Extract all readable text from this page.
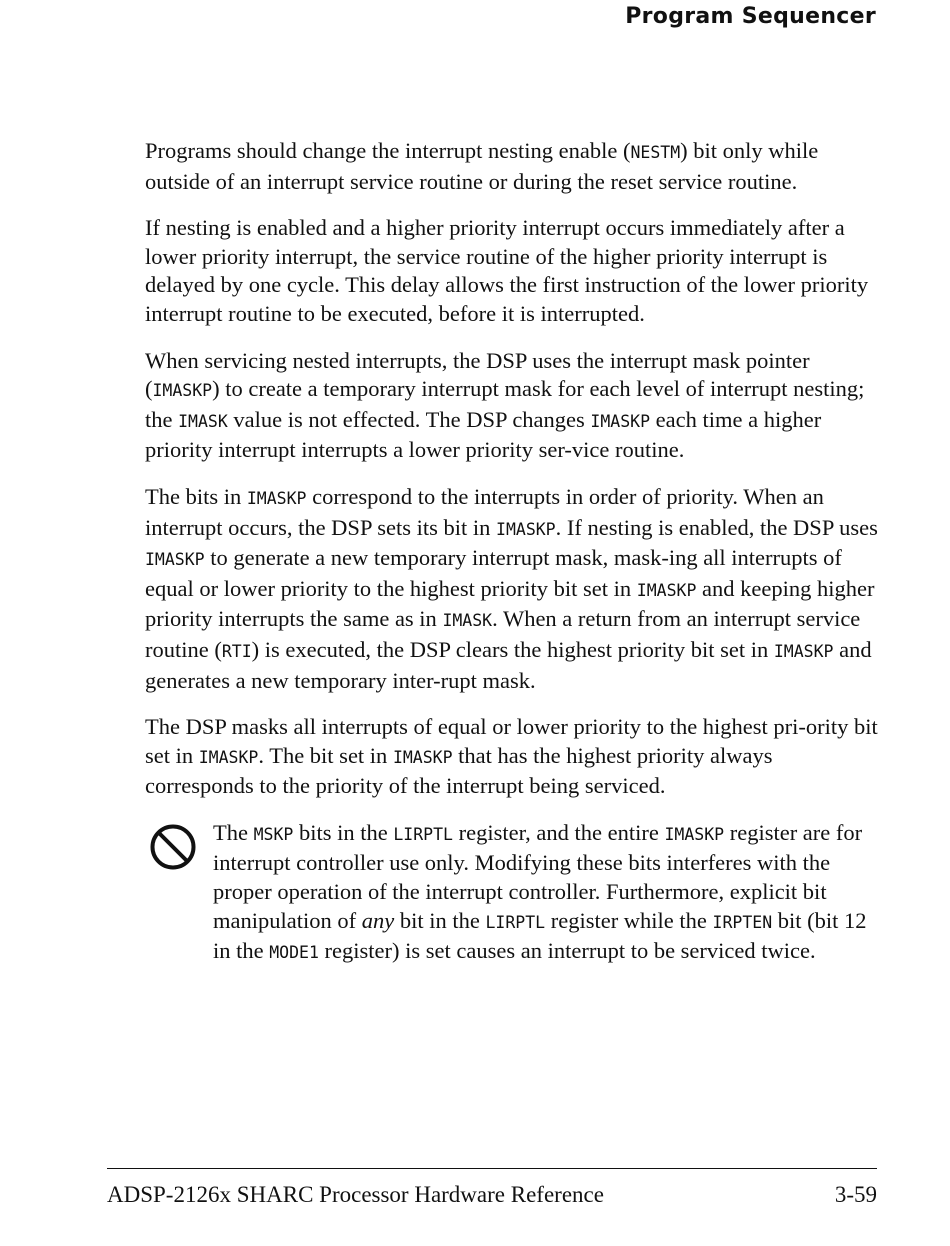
Program Sequencer

Programs should change the interrupt nesting enable (NESTM) bit only while outside of an interrupt service routine or during the reset service routine.

If nesting is enabled and a higher priority interrupt occurs immediately after a lower priority interrupt, the service routine of the higher priority interrupt is delayed by one cycle. This delay allows the first instruction of the lower priority interrupt routine to be executed, before it is interrupted.

When servicing nested interrupts, the DSP uses the interrupt mask pointer (IMASKP) to create a temporary interrupt mask for each level of interrupt nesting; the IMASK value is not effected. The DSP changes IMASKP each time a higher priority interrupt interrupts a lower priority ser-vice routine.

The bits in IMASKP correspond to the interrupts in order of priority. When an interrupt occurs, the DSP sets its bit in IMASKP. If nesting is enabled, the DSP uses IMASKP to generate a new temporary interrupt mask, mask-ing all interrupts of equal or lower priority to the highest priority bit set in IMASKP and keeping higher priority interrupts the same as in IMASK. When a return from an interrupt service routine (RTI) is executed, the DSP clears the highest priority bit set in IMASKP and generates a new temporary inter-rupt mask.

The DSP masks all interrupts of equal or lower priority to the highest pri-ority bit set in IMASKP. The bit set in IMASKP that has the highest priority always corresponds to the priority of the interrupt being serviced.

The MSKP bits in the LIRPTL register, and the entire IMASKP register are for interrupt controller use only. Modifying these bits interferes with the proper operation of the interrupt controller. Furthermore, explicit bit manipulation of any bit in the LIRPTL register while the IRPTEN bit (bit 12 in the MODE1 register) is set causes an interrupt to be serviced twice.

ADSP-2126x SHARC Processor Hardware Reference	3-59
